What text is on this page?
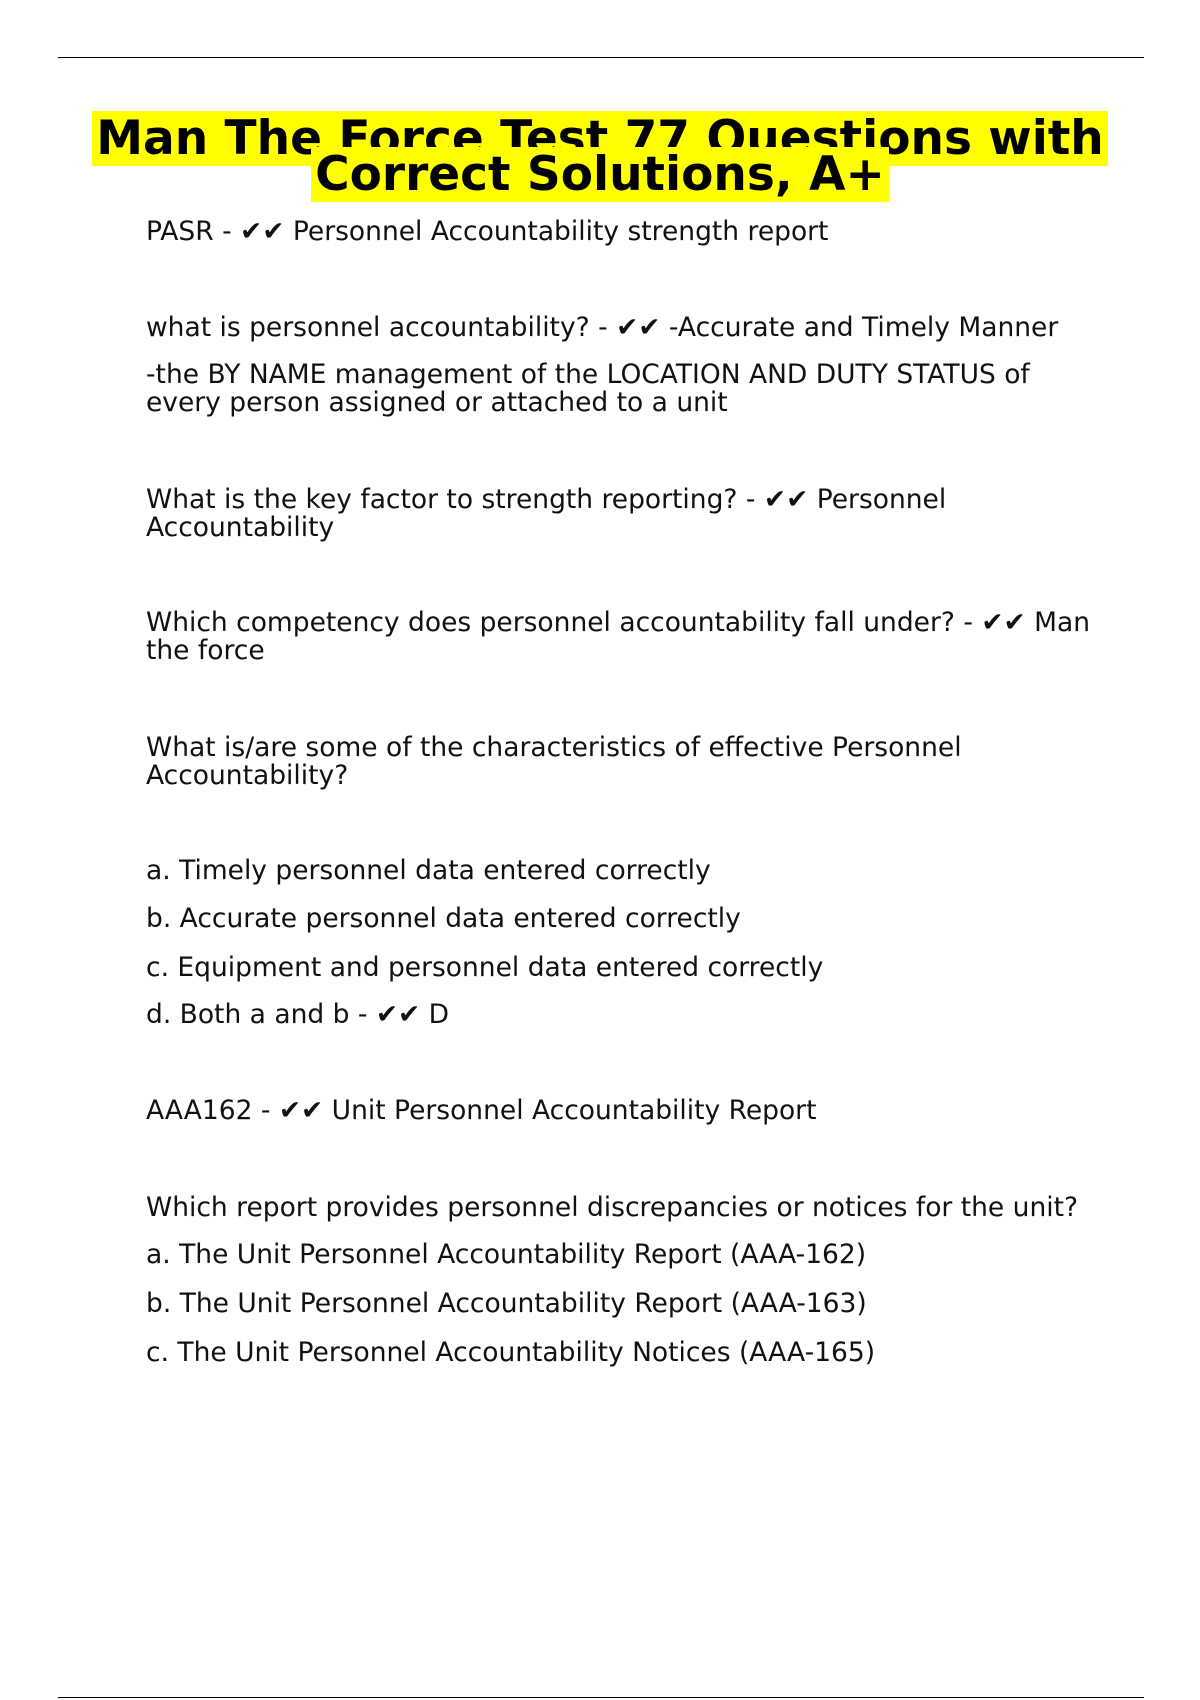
Man The Force Test 77 Questions with Correct Solutions, A+

PASR - ✔✔ Personnel Accountability strength report

what is personnel accountability? - ✔✔ -Accurate and Timely Manner

-the BY NAME management of the LOCATION AND DUTY STATUS of every person assigned or attached to a unit

What is the key factor to strength reporting? - ✔✔ Personnel Accountability

Which competency does personnel accountability fall under? - ✔✔ Man the force

What is/are some of the characteristics of effective Personnel Accountability?

a. Timely personnel data entered correctly

b. Accurate personnel data entered correctly

c. Equipment and personnel data entered correctly

d. Both a and b - ✔✔ D

AAA162 - ✔✔ Unit Personnel Accountability Report

Which report provides personnel discrepancies or notices for the unit?

a. The Unit Personnel Accountability Report (AAA-162)

b. The Unit Personnel Accountability Report (AAA-163)

c. The Unit Personnel Accountability Notices (AAA-165)
